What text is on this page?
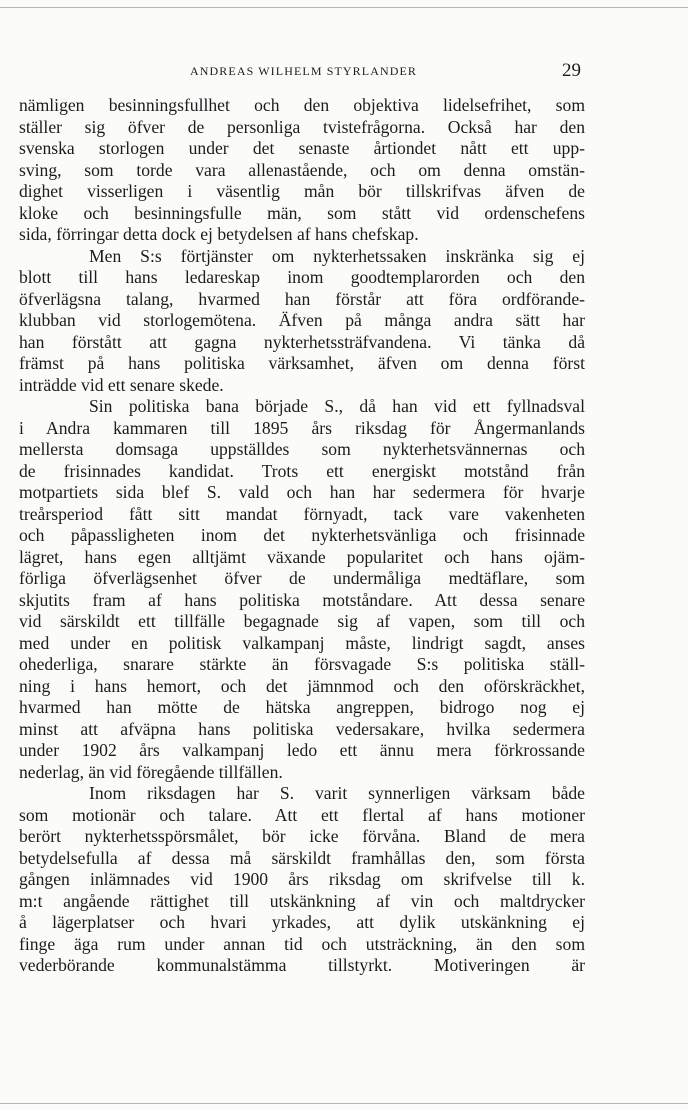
ANDREAS WILHELM STYRLANDER	29
nämligen besinningsfullhet och den objektiva lidelsefrihet, som
ställer sig öfver de personliga tvistefrågorna. Också har den
svenska storlogen under det senaste årtiondet nått ett upp-
sving, som torde vara allenastående, och om denna omstän-
dighet visserligen i väsentlig mån bör tillskrifvas äfven de
kloke och besinningsfulle män, som stått vid ordenschefens
sida, förringar detta dock ej betydelsen af hans chefskap.
Men S:s förtjänster om nykterhetssaken inskränka sig ej
blott till hans ledareskap inom goodtemplarorden och den
öfverlägsna talang, hvarmed han förstår att föra ordförande-
klubban vid storlogemötena. Äfven på många andra sätt har
han förstått att gagna nykterhetssträfvandena. Vi tänka då
främst på hans politiska värksamhet, äfven om denna först
inträdde vid ett senare skede.
Sin politiska bana började S., då han vid ett fyllnadsval
i Andra kammaren till 1895 års riksdag för Ångermanlands
mellersta domsaga uppställdes som nykterhetsvännernas och
de frisinnades kandidat. Trots ett energiskt motstånd från
motpartiets sida blef S. vald och han har sedermera för hvarje
treårsperiod fått sitt mandat förnyadt, tack vare vakenheten
och påpassligheten inom det nykterhetsvänliga och frisinnade
lägret, hans egen alltjämt växande popularitet och hans ojäm-
förliga öfverlägsenhet öfver de undermåliga medtäflare, som
skjutits fram af hans politiska motståndare. Att dessa senare
vid särskildt ett tillfälle begagnade sig af vapen, som till och
med under en politisk valkampanj måste, lindrigt sagdt, anses
ohederliga, snarare stärkte än försvagade S:s politiska ställ-
ning i hans hemort, och det jämnmod och den oförskräckhet,
hvarmed han mötte de hätska angreppen, bidrogo nog ej
minst att afväpna hans politiska vedersakare, hvilka sedermera
under 1902 års valkampanj ledo ett ännu mera förkrossande
nederlag, än vid föregående tillfällen.
Inom riksdagen har S. varit synnerligen värksam både
som motionär och talare. Att ett flertal af hans motioner
berört nykterhetsspörsmålet, bör icke förvåna. Bland de mera
betydelsefulla af dessa må särskildt framhållas den, som första
gången inlämnades vid 1900 års riksdag om skrifvelse till k.
m:t angående rättighet till utskänkning af vin och maltdrycker
å lägerplatser och hvari yrkades, att dylik utskänkning ej
finge äga rum under annan tid och utsträckning, än den som
vederbörande kommunalstämma tillstyrkt. Motiveringen är
